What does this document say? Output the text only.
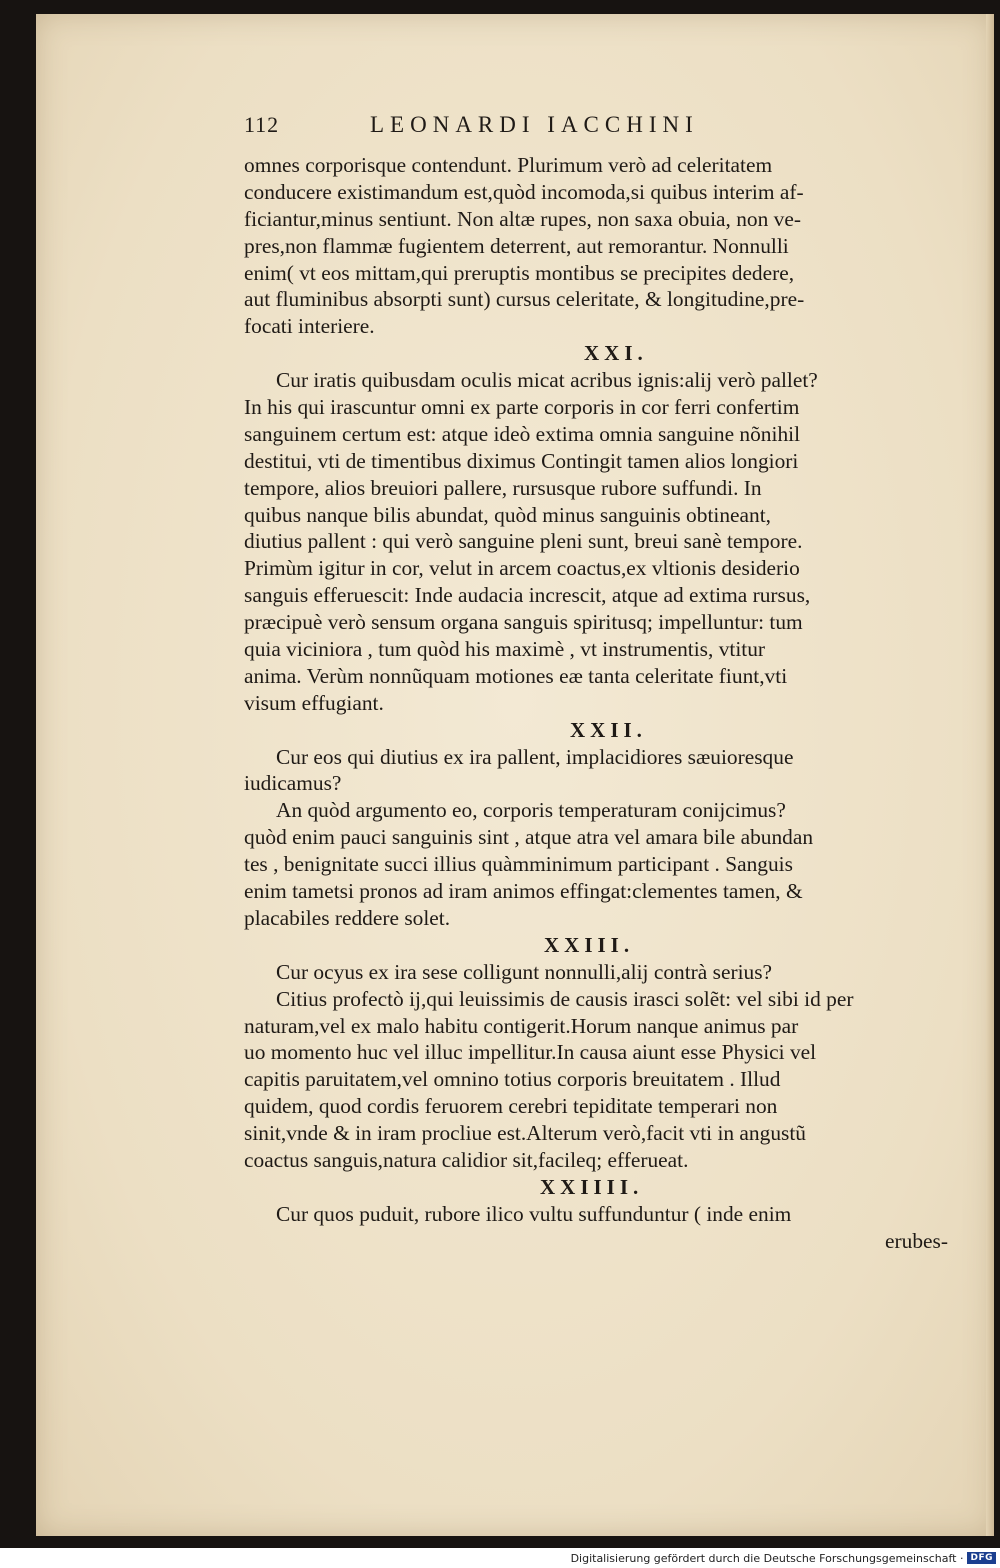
112	LEONARDI IACCHINI
omnes corporisque contendunt. Plurimum verò ad celeritatem
conducere existimandum est,quòd incomoda,si quibus interim af-
ficiantur,minus sentiunt. Non altæ rupes, non saxa obuia, non ve-
pres,non flammæ fugientem deterrent, aut remorantur. Nonnulli
enim( vt eos mittam,qui preruptis montibus se precipites dedere,
aut fluminibus absorpti sunt) cursus celeritate, & longitudine,pre-
focati interiere.
XXI.
Cur iratis quibusdam oculis micat acribus ignis:alij verò pallet?
In his qui irascuntur omni ex parte corporis in cor ferri confertim
sanguinem certum est: atque ideò extima omnia sanguine nõnihil
destitui, vti de timentibus diximus Contingit tamen alios longiori
tempore, alios breuiori pallere, rursusque rubore suffundi. In
quibus nanque bilis abundat, quòd minus sanguinis obtineant,
diutius pallent : qui verò sanguine pleni sunt, breui sanè tempore.
Primùm igitur in cor, velut in arcem coactus,ex vltionis desiderio
sanguis efferuescit: Inde audacia increscit, atque ad extima rursus,
præcipuè verò sensum organa sanguis spiritusq; impelluntur: tum
quia viciniora , tum quòd his maximè , vt instrumentis, vtitur
anima. Verùm nonnũquam motiones eæ tanta celeritate fiunt,vti
visum effugiant.
XXII.
Cur eos qui diutius ex ira pallent, implacidiores sæuioresque
iudicamus?
An quòd argumento eo, corporis temperaturam conijcimus?
quòd enim pauci sanguinis sint , atque atra vel amara bile abundan
tes , benignitate succi illius quàmminimum participant . Sanguis
enim tametsi pronos ad iram animos effingat:clementes tamen, &
placabiles reddere solet.
XXIII.
Cur ocyus ex ira sese colligunt nonnulli,alij contrà serius?
Citius profectò ij,qui leuissimis de causis irasci solẽt: vel sibi id per
naturam,vel ex malo habitu contigerit.Horum nanque animus par
uo momento huc vel illuc impellitur.In causa aiunt esse Physici vel
capitis paruitatem,vel omnino totius corporis breuitatem . Illud
quidem, quod cordis feruorem cerebri tepiditate temperari non
sinit,vnde & in iram procliue est.Alterum verò,facit vti in angustũ
coactus sanguis,natura calidior sit,facileq; efferueat.
XXIIII.
Cur quos puduit, rubore ilico vultu suffunduntur ( inde enim
erubes-
Digitalisierung gefördert durch die Deutsche Forschungsgemeinschaft · DFG
